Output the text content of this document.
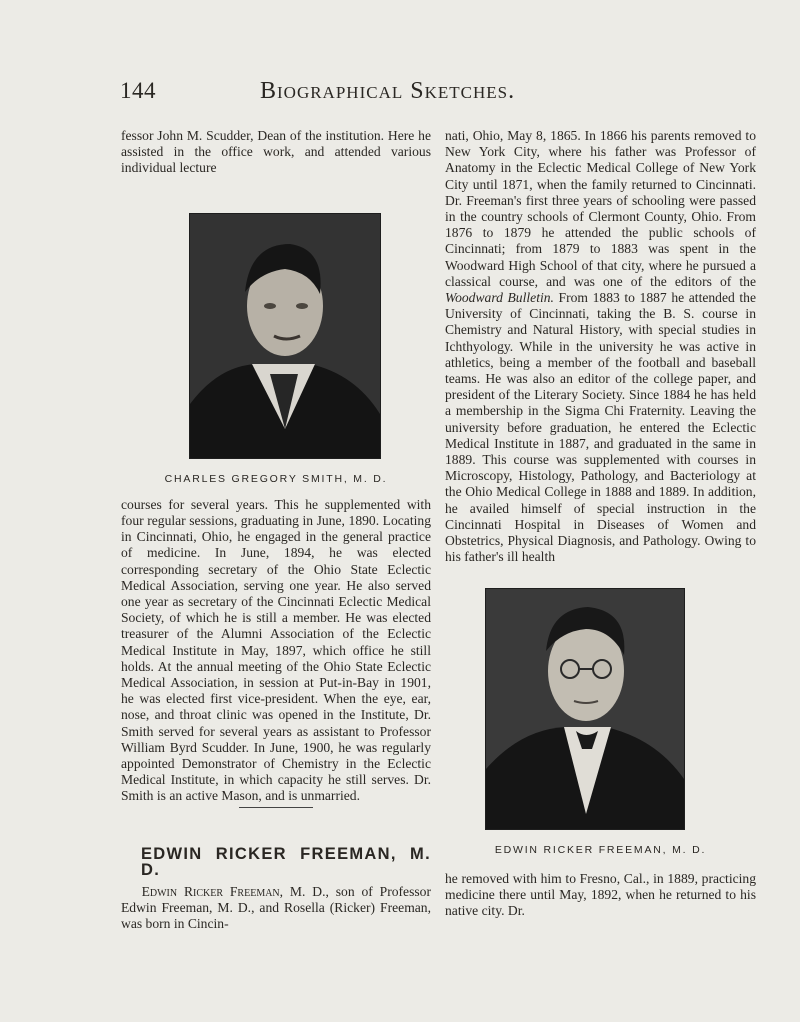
144	Biographical Sketches.

fessor John M. Scudder, Dean of the institution. Here he assisted in the office work, and attended various individual lecture

CHARLES GREGORY SMITH, M. D.

courses for several years. This he supplemented with four regular sessions, graduating in June, 1890. Locating in Cincinnati, Ohio, he engaged in the general practice of medicine. In June, 1894, he was elected corresponding secretary of the Ohio State Eclectic Medical Association, serving one year. He also served one year as secretary of the Cincinnati Eclectic Medical Society, of which he is still a member. He was elected treasurer of the Alumni Association of the Eclectic Medical Institute in May, 1897, which office he still holds. At the annual meeting of the Ohio State Eclectic Medical Association, in session at Put-in-Bay in 1901, he was elected first vice-president. When the eye, ear, nose, and throat clinic was opened in the Institute, Dr. Smith served for several years as assistant to Professor William Byrd Scudder. In June, 1900, he was regularly appointed Demonstrator of Chemistry in the Eclectic Medical Institute, in which capacity he still serves. Dr. Smith is an active Mason, and is unmarried.

EDWIN RICKER FREEMAN, M. D.

Edwin Ricker Freeman, M. D., son of Professor Edwin Freeman, M. D., and Rosella (Ricker) Freeman, was born in Cincin-

nati, Ohio, May 8, 1865. In 1866 his parents removed to New York City, where his father was Professor of Anatomy in the Eclectic Medical College of New York City until 1871, when the family returned to Cincinnati. Dr. Freeman's first three years of schooling were passed in the country schools of Clermont County, Ohio. From 1876 to 1879 he attended the public schools of Cincinnati; from 1879 to 1883 was spent in the Woodward High School of that city, where he pursued a classical course, and was one of the editors of the Woodward Bulletin. From 1883 to 1887 he attended the University of Cincinnati, taking the B. S. course in Chemistry and Natural History, with special studies in Ichthyology. While in the university he was active in athletics, being a member of the football and baseball teams. He was also an editor of the college paper, and president of the Literary Society. Since 1884 he has held a membership in the Sigma Chi Fraternity. Leaving the university before graduation, he entered the Eclectic Medical Institute in 1887, and graduated in the same in 1889. This course was supplemented with courses in Microscopy, Histology, Pathology, and Bacteriology at the Ohio Medical College in 1888 and 1889. In addition, he availed himself of special instruction in the Cincinnati Hospital in Diseases of Women and Obstetrics, Physical Diagnosis, and Pathology. Owing to his father's ill health

EDWIN RICKER FREEMAN, M. D.

he removed with him to Fresno, Cal., in 1889, practicing medicine there until May, 1892, when he returned to his native city. Dr.
